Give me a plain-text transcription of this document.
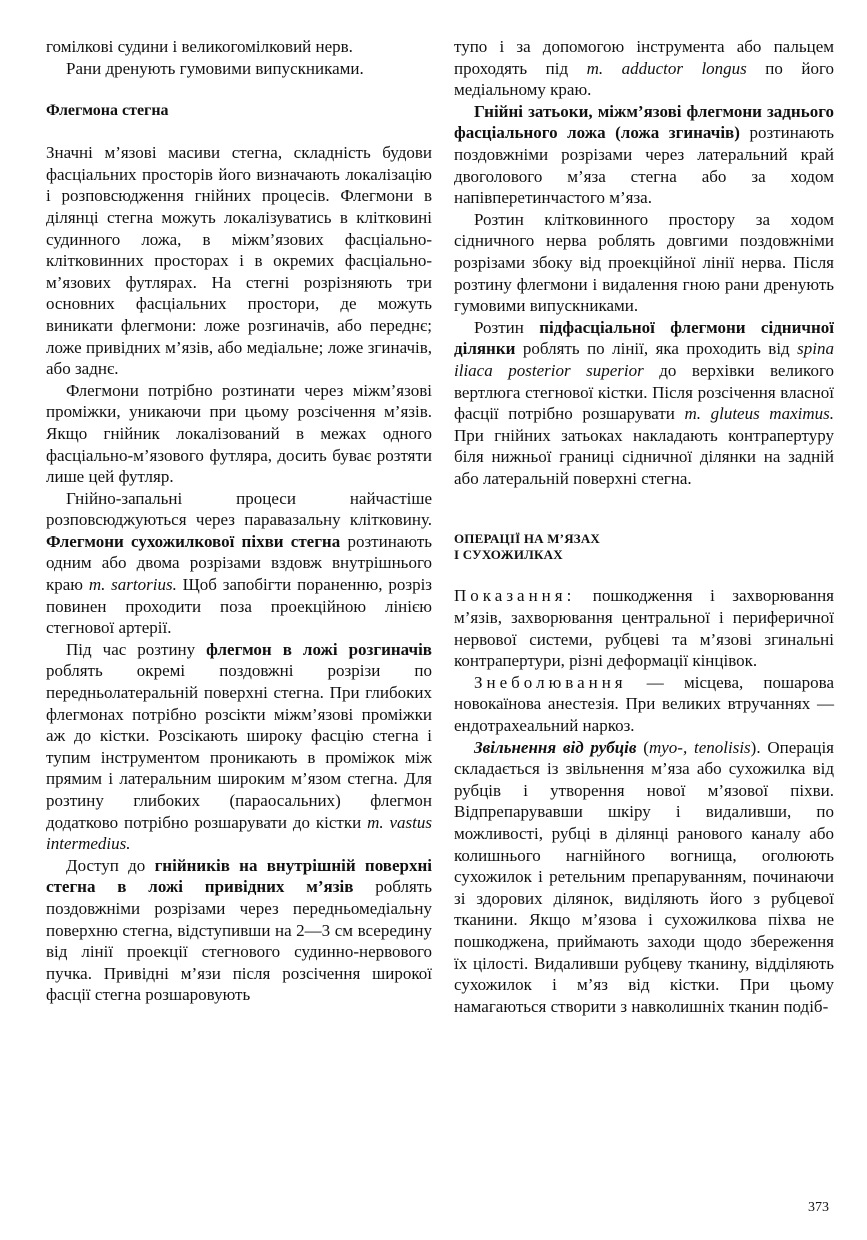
гомілкові судини і великогомілковий нерв.

Рани дренують гумовими випускниками.

Флегмона стегна

Значні м’язові масиви стегна, складність будови фасціальних просторів його визначають локалізацію і розповсюдження гнійних процесів. Флегмони в ділянці стегна можуть локалізуватись в клітковині судинного ложа, в міжм’язових фасціально-клітковинних просторах і в окремих фасціально-м’язових футлярах. На стегні розрізняють три основних фасціальних простори, де можуть виникати флегмони: ложе розгиначів, або переднє; ложе привідних м’язів, або медіальне; ложе згиначів, або заднє.

Флегмони потрібно розтинати через міжм’язові проміжки, уникаючи при цьому розсічення м’язів. Якщо гнійник локалізований в межах одного фасціально-м’язового футляра, досить буває розтяти лише цей футляр.

Гнійно-запальні процеси найчастіше розповсюджуються через паравазальну клітковину. Флегмони сухожилкової піхви стегна розтинають одним або двома розрізами вздовж внутрішнього краю m. sartorius. Щоб запобігти пораненню, розріз повинен проходити поза проекційною лінією стегнової артерії.

Під час розтину флегмон в ложі розгиначів роблять окремі поздовжні розрізи по передньолатеральній поверхні стегна. При глибоких флегмонах потрібно розсікти міжм’язові проміжки аж до кістки. Розсікають широку фасцію стегна і тупим інструментом проникають в проміжок між прямим і латеральним широким м’язом стегна. Для розтину глибоких (параосальних) флегмон додатково потрібно розшарувати до кістки m. vastus intermedius.

Доступ до гнійників на внутрішній поверхні стегна в ложі привідних м’язів роблять поздовжніми розрізами через передньомедіальну поверхню стегна, відступивши на 2—3 см всередину від лінії проекції стегнового судинно-нервового пучка. Привідні м’язи після розсічення широкої фасції стегна розшаровують

тупо і за допомогою інструмента або пальцем проходять під m. adductor longus по його медіальному краю.

Гнійні затьоки, міжм’язові флегмони заднього фасціального ложа (ложа згиначів) розтинають поздовжніми розрізами через латеральний край двоголового м’яза стегна або за ходом напівперетинчастого м’яза.

Розтин клітковинного простору за ходом сідничного нерва роблять довгими поздовжніми розрізами збоку від проекційної лінії нерва. Після розтину флегмони і видалення гною рани дренують гумовими випускниками.

Розтин підфасціальної флегмони сідничної ділянки роблять по лінії, яка проходить від spina iliaca posterior superior до верхівки великого вертлюга стегнової кістки. Після розсічення власної фасції потрібно розшарувати m. gluteus maximus. При гнійних затьоках накладають контрапертуру біля нижньої границі сідничної ділянки на задній або латеральній поверхні стегна.

ОПЕРАЦІЇ НА М’ЯЗАХ
І СУХОЖИЛКАХ

Показання: пошкодження і захворювання м’язів, захворювання центральної і периферичної нервової системи, рубцеві та м’язові згинальні контрапертури, різні деформації кінцівок.

Знеболювання — місцева, пошарова новокаїнова анестезія. При великих втручаннях — ендотрахеальний наркоз.

Звільнення від рубців (myo-, tenolisis). Операція складається із звільнення м’яза або сухожилка від рубців і утворення нової м’язової піхви. Відпрепарувавши шкіру і видаливши, по можливості, рубці в ділянці ранового каналу або колишнього нагнійного вогнища, оголюють сухожилок і ретельним препаруванням, починаючи зі здорових ділянок, виділяють його з рубцевої тканини. Якщо м’язова і сухожилкова піхва не пошкоджена, приймають заходи щодо збереження їх цілості. Видаливши рубцеву тканину, відділяють сухожилок і м’яз від кістки. При цьому намагаються створити з навколишніх тканин подіб-

373
